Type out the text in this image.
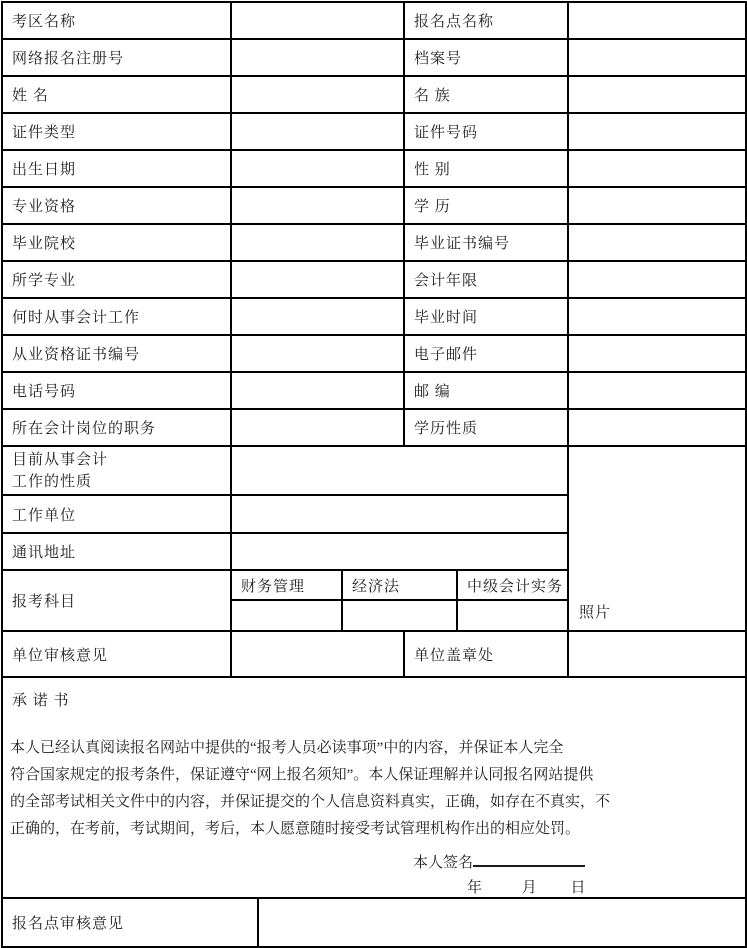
考区名称				报名点名称		
网络报名注册号				档案号		
姓 名				名 族		
证件类型				证件号码		
出生日期				性 别		
专业资格				学 历		
毕业院校				毕业证书编号		
所学专业				会计年限		
何时从事会计工作				毕业时间		
从业资格证书编号				电子邮件		
电话号码				邮 编		
所在会计岗位的职务				学历性质		

目前从事会计
工作的性质						照片
工作单位						
通讯地址						
报考科目	财务管理		经济法		中级会计实务	

单位审核意见				单位盖章处		

承 诺 书
本人已经认真阅读报名网站中提供的“报考人员必读事项”中的内容，并保证本人完全
符合国家规定的报考条件，保证遵守“网上报名须知”。本人保证理解并认同报名网站提供
的全部考试相关文件中的内容，并保证提交的个人信息资料真实，正确，如存在不真实，不
正确的，在考前，考试期间，考后，本人愿意随时接受考试管理机构作出的相应处罚。
本人签名
年	月 日

报名点审核意见						
